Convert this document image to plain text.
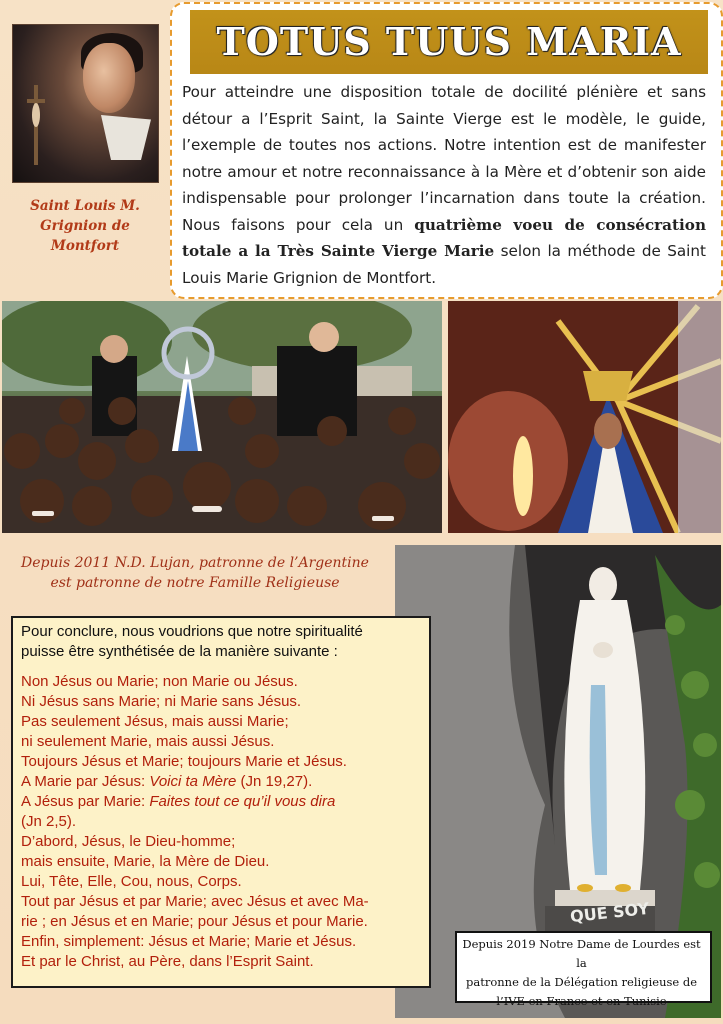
Saint Louis M.
Grignion de Montfort
TOTUS TUUS MARIA
Pour atteindre une disposition totale de docilité plénière et sans détour a l’Esprit Saint, la Sainte Vierge est le modèle, le guide, l’exemple de toutes nos actions. Notre intention est de manifester notre amour et notre reconnaissance à la Mère et d’obtenir son aide indispensable pour prolonger l’incarnation dans toute la création. Nous faisons pour cela un quatrième voeu de consécration totale a la Très Sainte Vierge Marie selon la méthode de Saint Louis Marie Grignion de Montfort.
Depuis 2011 N.D. Lujan, patronne de l’Argentine
est patronne de notre Famille Religieuse
QUE SOY
Pour conclure, nous voudrions que notre spiritualité
puisse être synthétisée de la manière suivante :
Non Jésus ou Marie; non Marie ou Jésus.
Ni Jésus sans Marie; ni Marie sans Jésus.
Pas seulement Jésus, mais aussi Marie;
ni seulement Marie, mais aussi Jésus.
Toujours Jésus et Marie; toujours Marie et Jésus.
A Marie par Jésus: Voici ta Mère (Jn 19,27).
A Jésus par Marie: Faites tout ce qu’il vous dira
(Jn 2,5).
D’abord, Jésus, le Dieu-homme;
mais ensuite, Marie, la Mère de Dieu.
Lui, Tête, Elle, Cou, nous, Corps.
Tout par Jésus et par Marie; avec Jésus et avec Ma-
rie ; en Jésus et en Marie; pour Jésus et pour Marie.
Enfin, simplement: Jésus et Marie; Marie et Jésus.
Et par le Christ, au Père, dans l’Esprit Saint.
Depuis 2019 Notre Dame de Lourdes est la
patronne de la Délégation religieuse de
l’IVE en France et en Tunisie
